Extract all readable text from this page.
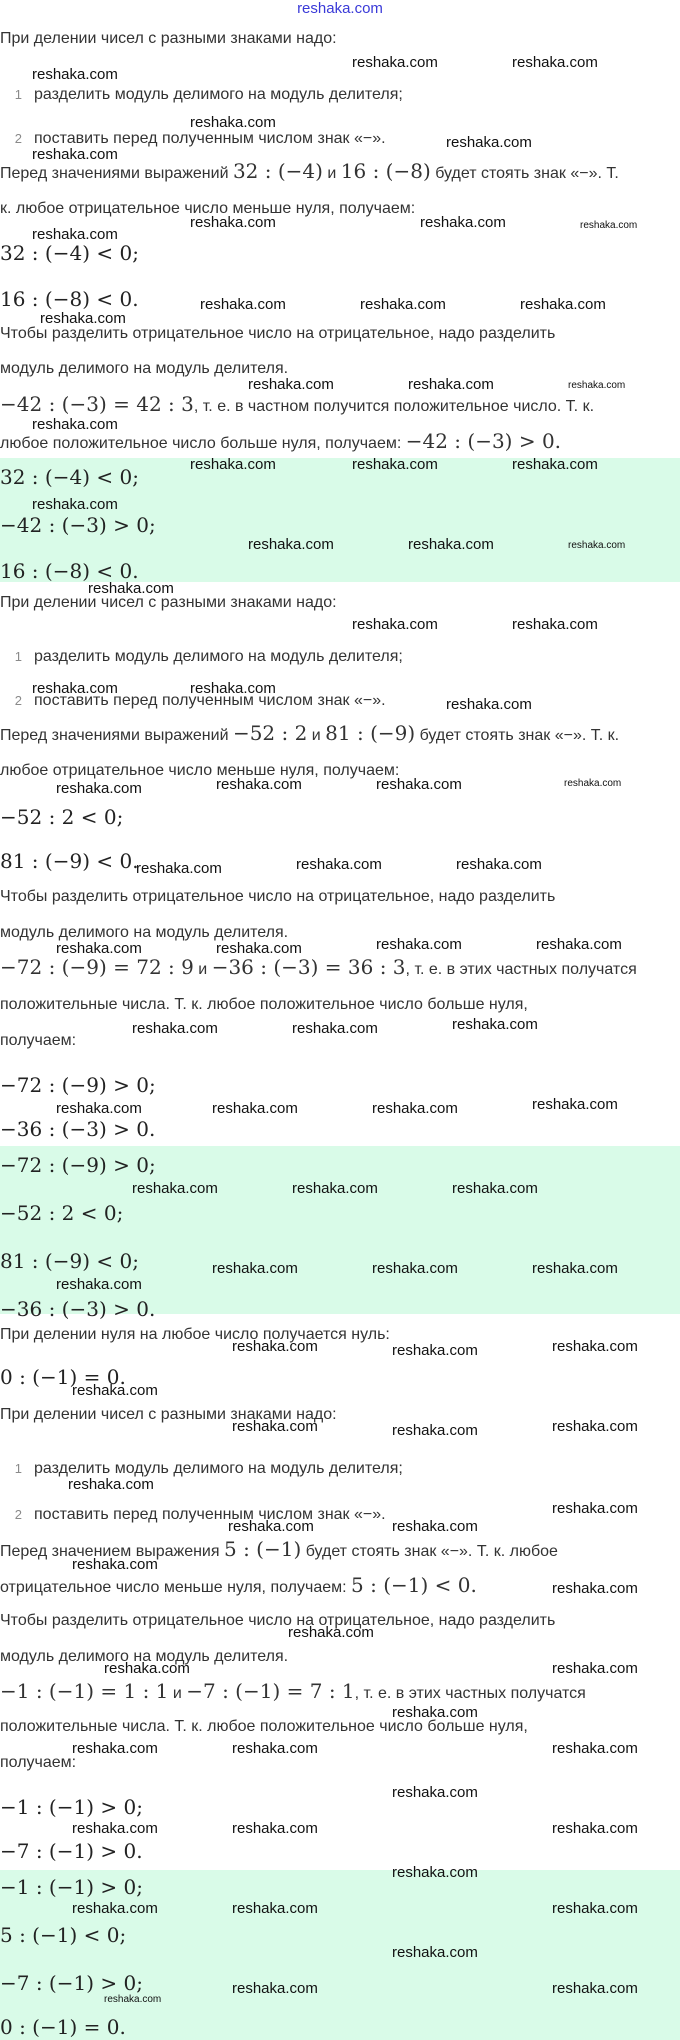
reshaka.com
При делении чисел с разными знаками надо:
1 разделить модуль делимого на модуль делителя;
2 поставить перед полученным числом знак «−».
Перед значениями выражений 32 : (−4) и 16 : (−8) будет стоять знак «−». Т.
к. любое отрицательное число меньше нуля, получаем:
32 : (−4) < 0;
16 : (−8) < 0.
Чтобы разделить отрицательное число на отрицательное, надо разделить
модуль делимого на модуль делителя.
−42 : (−3) = 42 : 3, т. е. в частном получится положительное число. Т. к.
любое положительное число больше нуля, получаем: −42 : (−3) > 0.
32 : (−4) < 0;
−42 : (−3) > 0;
16 : (−8) < 0.
При делении чисел с разными знаками надо:
1 разделить модуль делимого на модуль делителя;
2 поставить перед полученным числом знак «−».
Перед значениями выражений −52 : 2 и 81 : (−9) будет стоять знак «−». Т. к.
любое отрицательное число меньше нуля, получаем:
−52 : 2 < 0;
81 : (−9) < 0.
Чтобы разделить отрицательное число на отрицательное, надо разделить
модуль делимого на модуль делителя.
−72 : (−9) = 72 : 9 и −36 : (−3) = 36 : 3, т. е. в этих частных получатся
положительные числа. Т. к. любое положительное число больше нуля,
получаем:
−72 : (−9) > 0;
−36 : (−3) > 0.
−72 : (−9) > 0;
−52 : 2 < 0;
81 : (−9) < 0;
−36 : (−3) > 0.
При делении нуля на любое число получается нуль:
0 : (−1) = 0.
При делении чисел с разными знаками надо:
1 разделить модуль делимого на модуль делителя;
2 поставить перед полученным числом знак «−».
Перед значением выражения 5 : (−1) будет стоять знак «−». Т. к. любое
отрицательное число меньше нуля, получаем: 5 : (−1) < 0.
Чтобы разделить отрицательное число на отрицательное, надо разделить
модуль делимого на модуль делителя.
−1 : (−1) = 1 : 1 и −7 : (−1) = 7 : 1, т. е. в этих частных получатся
положительные числа. Т. к. любое положительное число больше нуля,
получаем:
−1 : (−1) > 0;
−7 : (−1) > 0.
−1 : (−1) > 0;
5 : (−1) < 0;
−7 : (−1) > 0;
0 : (−1) = 0.
reshaka.com	reshaka.com
reshaka.com
reshaka.com
reshaka.com
reshaka.com
reshaka.com	reshaka.com	reshaka.com
reshaka.com
reshaka.com	reshaka.com	reshaka.com
reshaka.com
reshaka.com	reshaka.com	reshaka.com
reshaka.com
reshaka.com	reshaka.com	reshaka.com
reshaka.com
reshaka.com	reshaka.com	reshaka.com
reshaka.com
reshaka.com	reshaka.com
reshaka.com	reshaka.com
reshaka.com
reshaka.com	reshaka.com	reshaka.com	reshaka.com
reshaka.com	reshaka.com	reshaka.com
reshaka.com	reshaka.com	reshaka.com	reshaka.com
reshaka.com	reshaka.com	reshaka.com
reshaka.com	reshaka.com	reshaka.com	reshaka.com
reshaka.com	reshaka.com	reshaka.com
reshaka.com	reshaka.com	reshaka.com
reshaka.com
reshaka.com	reshaka.com	reshaka.com
reshaka.com
reshaka.com	reshaka.com	reshaka.com
reshaka.com
reshaka.com
reshaka.com	reshaka.com
reshaka.com
reshaka.com
reshaka.com
reshaka.com	reshaka.com
reshaka.com
reshaka.com	reshaka.com	reshaka.com
reshaka.com
reshaka.com	reshaka.com	reshaka.com
reshaka.com
reshaka.com	reshaka.com	reshaka.com
reshaka.com
reshaka.com	reshaka.com
reshaka.com
